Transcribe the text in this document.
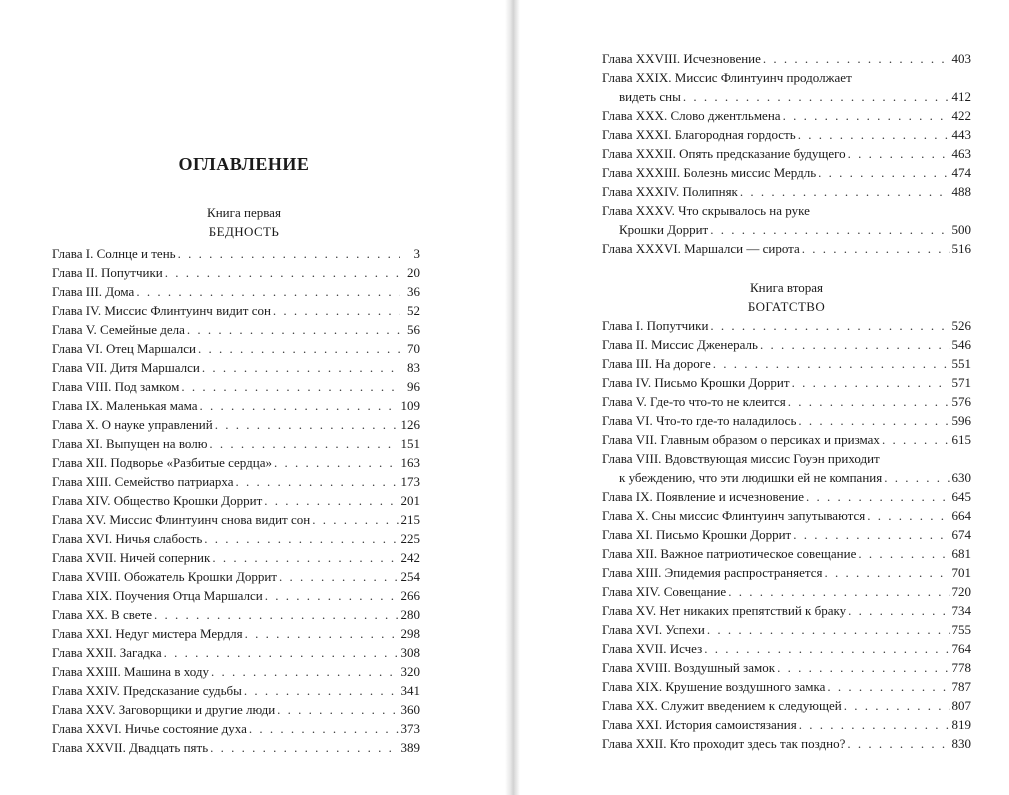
ОГЛАВЛЕНИЕ
Книга первая
БЕДНОСТЬ
Глава I. Солнце и тень . . .	3
Глава II. Попутчики . . .	20
Глава III. Дома . . .	36
Глава IV. Миссис Флинтуинч видит сон . . .	52
Глава V. Семейные дела . . .	56
Глава VI. Отец Маршалси . . .	70
Глава VII. Дитя Маршалси . . .	83
Глава VIII. Под замком . . .	96
Глава IX. Маленькая мама . . .	109
Глава X. О науке управлений . . .	126
Глава XI. Выпущен на волю . . .	151
Глава XII. Подворье «Разбитые сердца» . . .	163
Глава XIII. Семейство патриарха . . .	173
Глава XIV. Общество Крошки Доррит . . .	201
Глава XV. Миссис Флинтуинч снова видит сон . . .	215
Глава XVI. Ничья слабость . . .	225
Глава XVII. Ничей соперник . . .	242
Глава XVIII. Обожатель Крошки Доррит . . .	254
Глава XIX. Поучения Отца Маршалси . . .	266
Глава XX. В свете . . .	280
Глава XXI. Недуг мистера Мердля . . .	298
Глава XXII. Загадка . . .	308
Глава XXIII. Машина в ходу . . .	320
Глава XXIV. Предсказание судьбы . . .	341
Глава XXV. Заговорщики и другие люди . . .	360
Глава XXVI. Ничье состояние духа . . .	373
Глава XXVII. Двадцать пять . . .	389
Глава XXVIII. Исчезновение . . .	403
Глава XXIX. Миссис Флинтуинч продолжает
видеть сны . . .	412
Глава XXX. Слово джентльмена . . .	422
Глава XXXI. Благородная гордость . . .	443
Глава XXXII. Опять предсказание будущего . . .	463
Глава XXXIII. Болезнь миссис Мердль . . .	474
Глава XXXIV. Полипняк . . .	488
Глава XXXV. Что скрывалось на руке
Крошки Доррит . . .	500
Глава XXXVI. Маршалси — сирота . . .	516
Книга вторая
БОГАТСТВО
Глава I. Попутчики . . .	526
Глава II. Миссис Дженераль . . .	546
Глава III. На дороге . . .	551
Глава IV. Письмо Крошки Доррит . . .	571
Глава V. Где-то что-то не клеится . . .	576
Глава VI. Что-то где-то наладилось . . .	596
Глава VII. Главным образом о персиках и призмах . . .	615
Глава VIII. Вдовствующая миссис Гоуэн приходит
к убеждению, что эти людишки ей не компания . . .	630
Глава IX. Появление и исчезновение . . .	645
Глава X. Сны миссис Флинтуинч запутываются . . .	664
Глава XI. Письмо Крошки Доррит . . .	674
Глава XII. Важное патриотическое совещание . . .	681
Глава XIII. Эпидемия распространяется . . .	701
Глава XIV. Совещание . . .	720
Глава XV. Нет никаких препятствий к браку . . .	734
Глава XVI. Успехи . . .	755
Глава XVII. Исчез . . .	764
Глава XVIII. Воздушный замок . . .	778
Глава XIX. Крушение воздушного замка . . .	787
Глава XX. Служит введением к следующей . . .	807
Глава XXI. История самоистязания . . .	819
Глава XXII. Кто проходит здесь так поздно? . . .	830
